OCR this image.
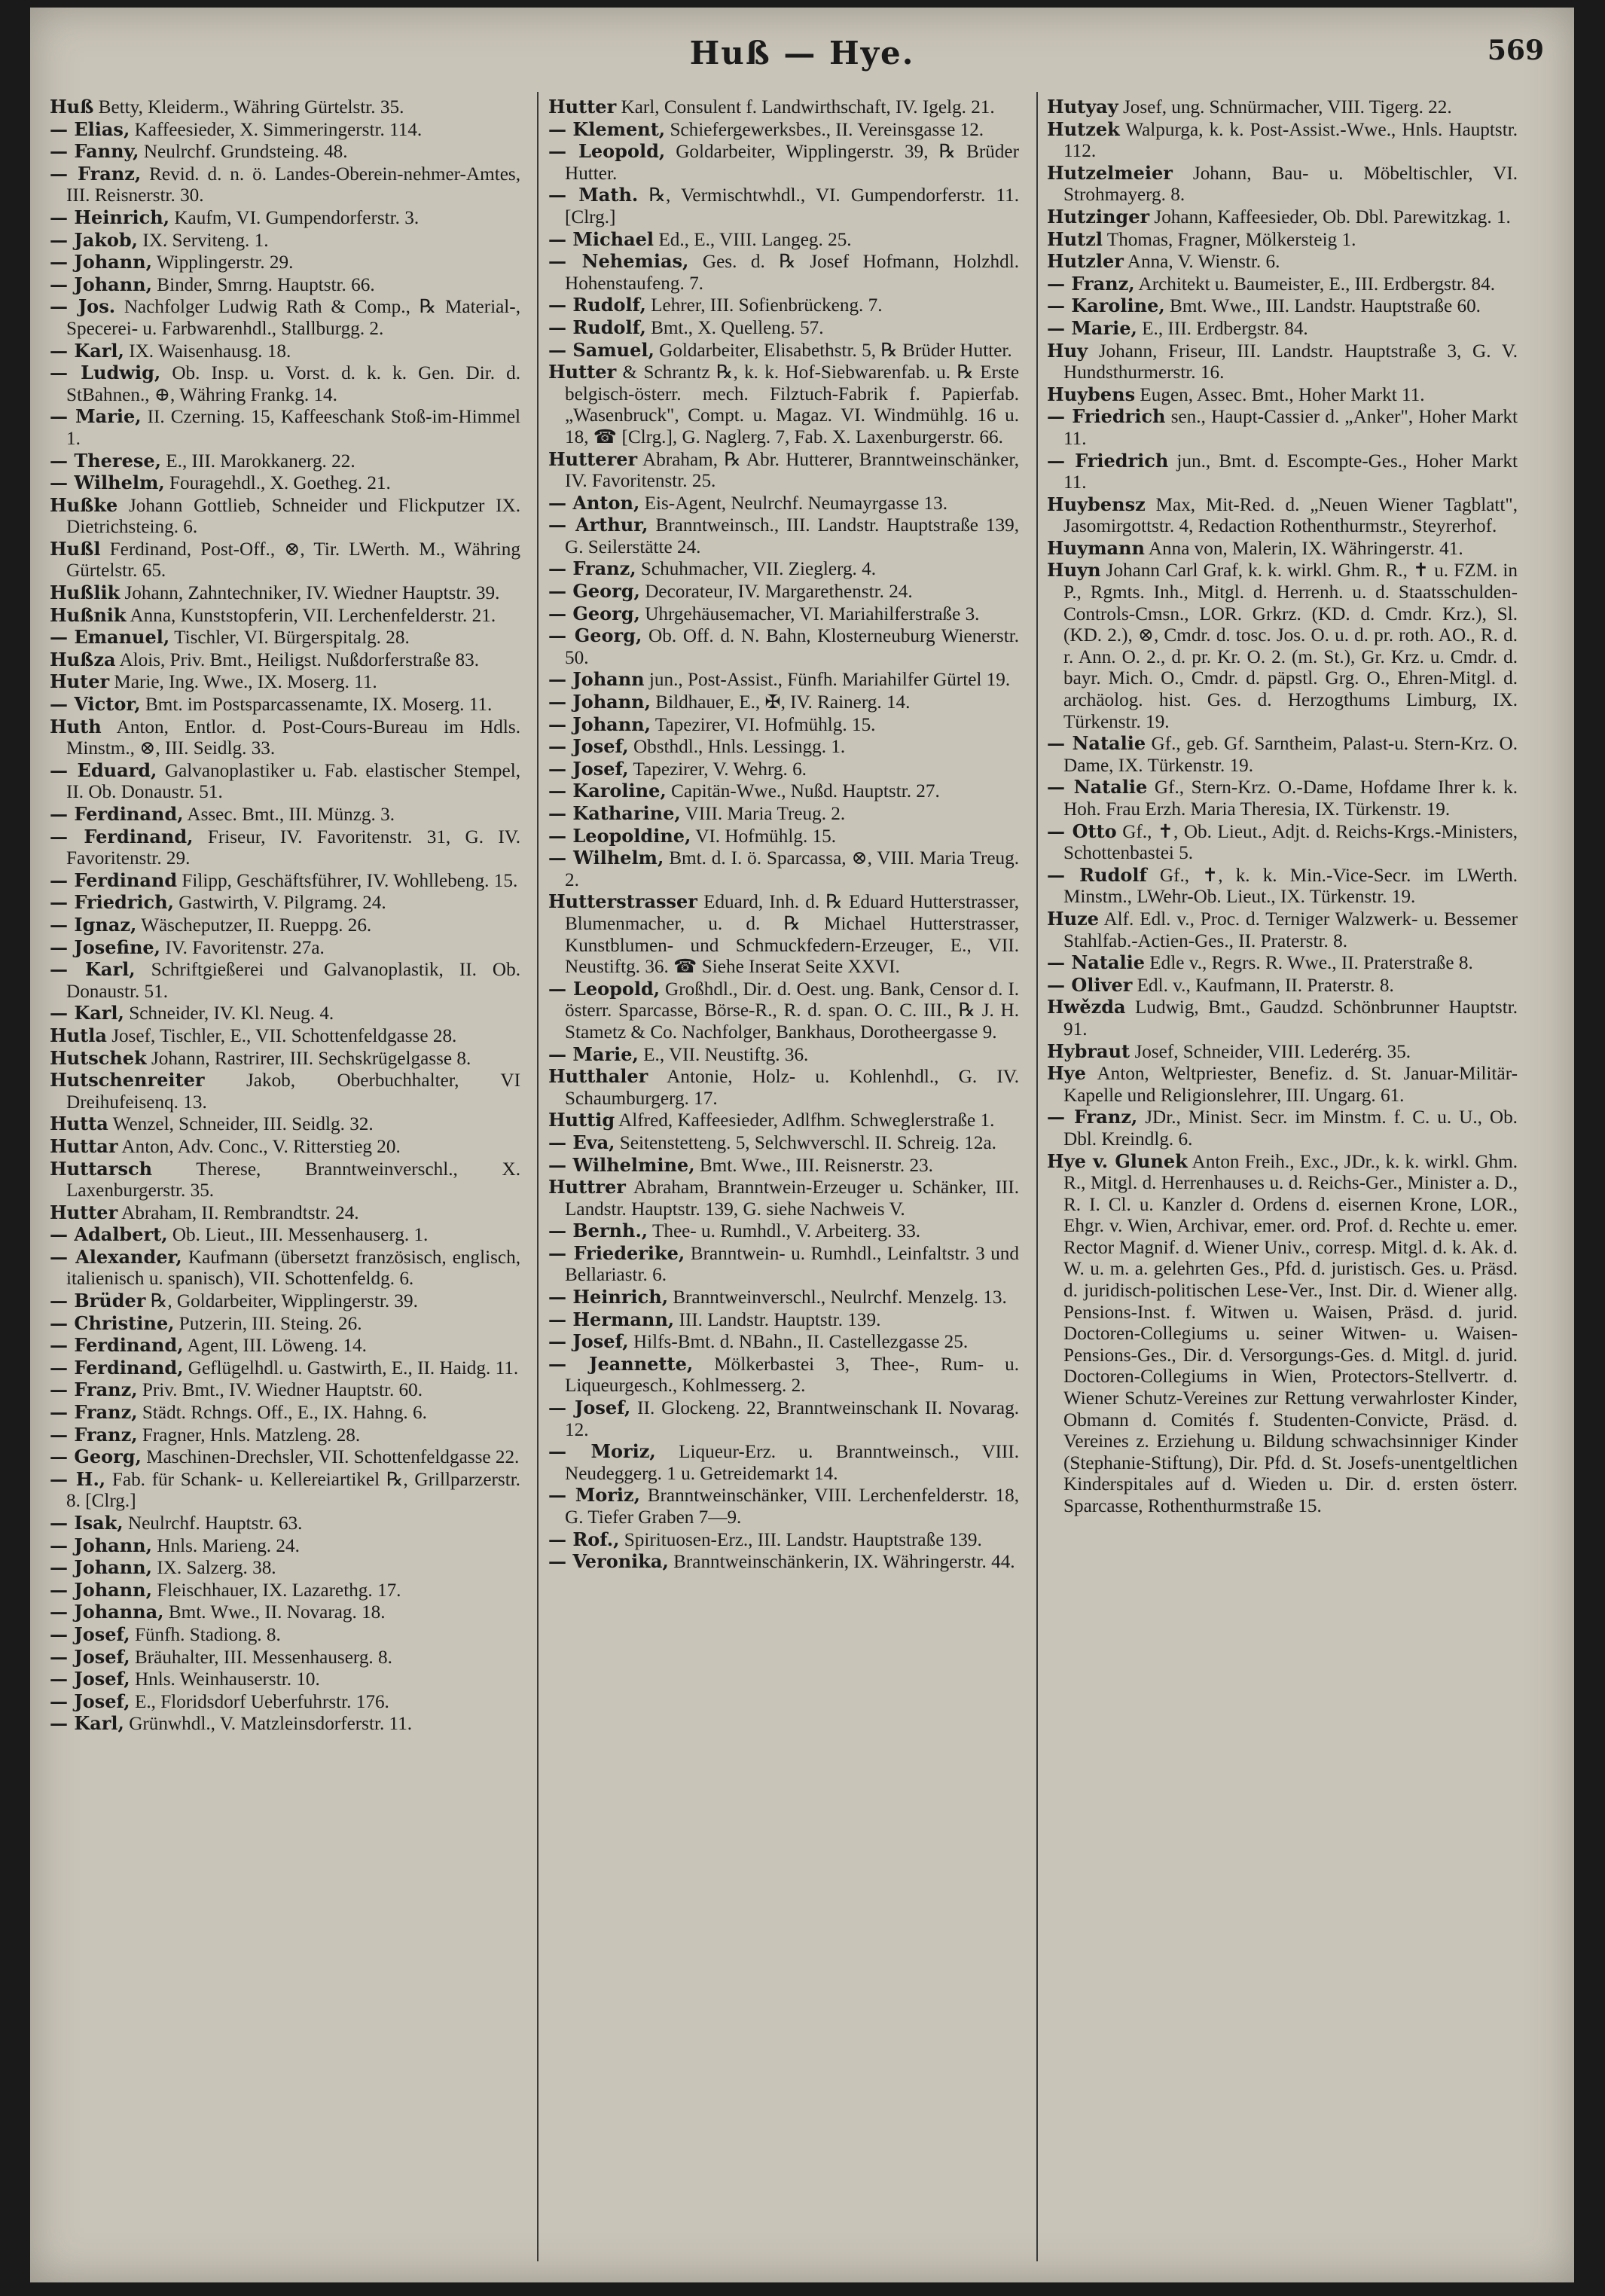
Huß — Hye.	569

Huß Betty, Kleiderm., Währing Gürtelstr. 35.

— Elias, Kaffeesieder, X. Simmeringerstr. 114.

— Fanny, Neulrchf. Grundsteing. 48.

— Franz, Revid. d. n. ö. Landes-Oberein-nehmer-Amtes, III. Reisnerstr. 30.

— Heinrich, Kaufm, VI. Gumpendorferstr. 3.

— Jakob, IX. Serviteng. 1.

— Johann, Wipplingerstr. 29.

— Johann, Binder, Smrng. Hauptstr. 66.

— Jos. Nachfolger Ludwig Rath & Comp., ℞ Material-, Specerei- u. Farbwarenhdl., Stallburgg. 2.

— Karl, IX. Waisenhausg. 18.

— Ludwig, Ob. Insp. u. Vorst. d. k. k. Gen. Dir. d. StBahnen., ⊕, Währing Frankg. 14.

— Marie, II. Czerning. 15, Kaffeeschank Stoß-im-Himmel 1.

— Therese, E., III. Marokkanerg. 22.

— Wilhelm, Fouragehdl., X. Goetheg. 21.

Hußke Johann Gottlieb, Schneider und Flickputzer IX. Dietrichsteing. 6.

Hußl Ferdinand, Post-Off., ⊗, Tir. LWerth. M., Währing Gürtelstr. 65.

Hußlik Johann, Zahntechniker, IV. Wiedner Hauptstr. 39.

Hußnik Anna, Kunststopferin, VII. Lerchenfelderstr. 21.

— Emanuel, Tischler, VI. Bürgerspitalg. 28.

Hußza Alois, Priv. Bmt., Heiligst. Nußdorferstraße 83.

Huter Marie, Ing. Wwe., IX. Moserg. 11.

— Victor, Bmt. im Postsparcassenamte, IX. Moserg. 11.

Huth Anton, Entlor. d. Post-Cours-Bureau im Hdls. Minstm., ⊗, III. Seidlg. 33.

— Eduard, Galvanoplastiker u. Fab. elastischer Stempel, II. Ob. Donaustr. 51.

— Ferdinand, Assec. Bmt., III. Münzg. 3.

— Ferdinand, Friseur, IV. Favoritenstr. 31, G. IV. Favoritenstr. 29.

— Ferdinand Filipp, Geschäftsführer, IV. Wohllebeng. 15.

— Friedrich, Gastwirth, V. Pilgramg. 24.

— Ignaz, Wäscheputzer, II. Rueppg. 26.

— Josefine, IV. Favoritenstr. 27a.

— Karl, Schriftgießerei und Galvanoplastik, II. Ob. Donaustr. 51.

— Karl, Schneider, IV. Kl. Neug. 4.

Hutla Josef, Tischler, E., VII. Schottenfeldgasse 28.

Hutschek Johann, Rastrirer, III. Sechskrügelgasse 8.

Hutschenreiter Jakob, Oberbuchhalter, VI Dreihufeisenq. 13.

Hutta Wenzel, Schneider, III. Seidlg. 32.

Huttar Anton, Adv. Conc., V. Ritterstieg 20.

Huttarsch Therese, Branntweinverschl., X. Laxenburgerstr. 35.

Hutter Abraham, II. Rembrandtstr. 24.

— Adalbert, Ob. Lieut., III. Messenhauserg. 1.

— Alexander, Kaufmann (übersetzt französisch, englisch, italienisch u. spanisch), VII. Schottenfeldg. 6.

— Brüder ℞, Goldarbeiter, Wipplingerstr. 39.

— Christine, Putzerin, III. Steing. 26.

— Ferdinand, Agent, III. Löweng. 14.

— Ferdinand, Geflügelhdl. u. Gastwirth, E., II. Haidg. 11.

— Franz, Priv. Bmt., IV. Wiedner Hauptstr. 60.

— Franz, Städt. Rchngs. Off., E., IX. Hahng. 6.

— Franz, Fragner, Hnls. Matzleng. 28.

— Georg, Maschinen-Drechsler, VII. Schottenfeldgasse 22.

— H., Fab. für Schank- u. Kellereiartikel ℞, Grillparzerstr. 8. [Clrg.]

— Isak, Neulrchf. Hauptstr. 63.

— Johann, Hnls. Marieng. 24.

— Johann, IX. Salzerg. 38.

— Johann, Fleischhauer, IX. Lazarethg. 17.

— Johanna, Bmt. Wwe., II. Novarag. 18.

— Josef, Fünfh. Stadiong. 8.

— Josef, Bräuhalter, III. Messenhauserg. 8.

— Josef, Hnls. Weinhauserstr. 10.

— Josef, E., Floridsdorf Ueberfuhrstr. 176.

— Karl, Grünwhdl., V. Matzleinsdorferstr. 11.

Hutter Karl, Consulent f. Landwirthschaft, IV. Igelg. 21.

— Klement, Schiefergewerksbes., II. Vereinsgasse 12.

— Leopold, Goldarbeiter, Wipplingerstr. 39, ℞ Brüder Hutter.

— Math. ℞, Vermischtwhdl., VI. Gumpendorferstr. 11. [Clrg.]

— Michael Ed., E., VIII. Langeg. 25.

— Nehemias, Ges. d. ℞ Josef Hofmann, Holzhdl. Hohenstaufeng. 7.

— Rudolf, Lehrer, III. Sofienbrückeng. 7.

— Rudolf, Bmt., X. Quelleng. 57.

— Samuel, Goldarbeiter, Elisabethstr. 5, ℞ Brüder Hutter.

Hutter & Schrantz ℞, k. k. Hof-Siebwarenfab. u. ℞ Erste belgisch-österr. mech. Filztuch-Fabrik f. Papierfab. „Wasenbruck", Compt. u. Magaz. VI. Windmühlg. 16 u. 18, ☎ [Clrg.], G. Naglerg. 7, Fab. X. Laxenburgerstr. 66.

Hutterer Abraham, ℞ Abr. Hutterer, Branntweinschänker, IV. Favoritenstr. 25.

— Anton, Eis-Agent, Neulrchf. Neumayrgasse 13.

— Arthur, Branntweinsch., III. Landstr. Hauptstraße 139, G. Seilerstätte 24.

— Franz, Schuhmacher, VII. Zieglerg. 4.

— Georg, Decorateur, IV. Margarethenstr. 24.

— Georg, Uhrgehäusemacher, VI. Mariahilferstraße 3.

— Georg, Ob. Off. d. N. Bahn, Klosterneuburg Wienerstr. 50.

— Johann jun., Post-Assist., Fünfh. Mariahilfer Gürtel 19.

— Johann, Bildhauer, E., ✠, IV. Rainerg. 14.

— Johann, Tapezirer, VI. Hofmühlg. 15.

— Josef, Obsthdl., Hnls. Lessingg. 1.

— Josef, Tapezirer, V. Wehrg. 6.

— Karoline, Capitän-Wwe., Nußd. Hauptstr. 27.

— Katharine, VIII. Maria Treug. 2.

— Leopoldine, VI. Hofmühlg. 15.

— Wilhelm, Bmt. d. I. ö. Sparcassa, ⊗, VIII. Maria Treug. 2.

Hutterstrasser Eduard, Inh. d. ℞ Eduard Hutterstrasser, Blumenmacher, u. d. ℞ Michael Hutterstrasser, Kunstblumen- und Schmuckfedern-Erzeuger, E., VII. Neustiftg. 36. ☎ Siehe Inserat Seite XXVI.

— Leopold, Großhdl., Dir. d. Oest. ung. Bank, Censor d. I. österr. Sparcasse, Börse-R., R. d. span. O. C. III., ℞ J. H. Stametz & Co. Nachfolger, Bankhaus, Dorotheergasse 9.

— Marie, E., VII. Neustiftg. 36.

Hutthaler Antonie, Holz- u. Kohlenhdl., G. IV. Schaumburgerg. 17.

Huttig Alfred, Kaffeesieder, Adlfhm. Schweglerstraße 1.

— Eva, Seitenstetteng. 5, Selchwverschl. II. Schreig. 12a.

— Wilhelmine, Bmt. Wwe., III. Reisnerstr. 23.

Huttrer Abraham, Branntwein-Erzeuger u. Schänker, III. Landstr. Hauptstr. 139, G. siehe Nachweis V.

— Bernh., Thee- u. Rumhdl., V. Arbeiterg. 33.

— Friederike, Branntwein- u. Rumhdl., Leinfaltstr. 3 und Bellariastr. 6.

— Heinrich, Branntweinverschl., Neulrchf. Menzelg. 13.

— Hermann, III. Landstr. Hauptstr. 139.

— Josef, Hilfs-Bmt. d. NBahn., II. Castellezgasse 25.

— Jeannette, Mölkerbastei 3, Thee-, Rum- u. Liqueurgesch., Kohlmesserg. 2.

— Josef, II. Glockeng. 22, Branntweinschank II. Novarag. 12.

— Moriz, Liqueur-Erz. u. Branntweinsch., VIII. Neudeggerg. 1 u. Getreidemarkt 14.

— Moriz, Branntweinschänker, VIII. Lerchenfelderstr. 18, G. Tiefer Graben 7—9.

— Rof., Spirituosen-Erz., III. Landstr. Hauptstraße 139.

— Veronika, Branntweinschänkerin, IX. Währingerstr. 44.

Hutyay Josef, ung. Schnürmacher, VIII. Tigerg. 22.

Hutzek Walpurga, k. k. Post-Assist.-Wwe., Hnls. Hauptstr. 112.

Hutzelmeier Johann, Bau- u. Möbeltischler, VI. Strohmayerg. 8.

Hutzinger Johann, Kaffeesieder, Ob. Dbl. Parewitzkag. 1.

Hutzl Thomas, Fragner, Mölkersteig 1.

Hutzler Anna, V. Wienstr. 6.

— Franz, Architekt u. Baumeister, E., III. Erdbergstr. 84.

— Karoline, Bmt. Wwe., III. Landstr. Hauptstraße 60.

— Marie, E., III. Erdbergstr. 84.

Huy Johann, Friseur, III. Landstr. Hauptstraße 3, G. V. Hundsthurmerstr. 16.

Huybens Eugen, Assec. Bmt., Hoher Markt 11.

— Friedrich sen., Haupt-Cassier d. „Anker", Hoher Markt 11.

— Friedrich jun., Bmt. d. Escompte-Ges., Hoher Markt 11.

Huybensz Max, Mit-Red. d. „Neuen Wiener Tagblatt", Jasomirgottstr. 4, Redaction Rothenthurmstr., Steyrerhof.

Huymann Anna von, Malerin, IX. Währingerstr. 41.

Huyn Johann Carl Graf, k. k. wirkl. Ghm. R., ✝ u. FZM. in P., Rgmts. Inh., Mitgl. d. Herrenh. u. d. Staatsschulden-Controls-Cmsn., LOR. Grkrz. (KD. d. Cmdr. Krz.), Sl. (KD. 2.), ⊗, Cmdr. d. tosc. Jos. O. u. d. pr. roth. AO., R. d. r. Ann. O. 2., d. pr. Kr. O. 2. (m. St.), Gr. Krz. u. Cmdr. d. bayr. Mich. O., Cmdr. d. päpstl. Grg. O., Ehren-Mitgl. d. archäolog. hist. Ges. d. Herzogthums Limburg, IX. Türkenstr. 19.

— Natalie Gf., geb. Gf. Sarntheim, Palast-u. Stern-Krz. O. Dame, IX. Türkenstr. 19.

— Natalie Gf., Stern-Krz. O.-Dame, Hofdame Ihrer k. k. Hoh. Frau Erzh. Maria Theresia, IX. Türkenstr. 19.

— Otto Gf., ✝, Ob. Lieut., Adjt. d. Reichs-Krgs.-Ministers, Schottenbastei 5.

— Rudolf Gf., ✝, k. k. Min.-Vice-Secr. im LWerth. Minstm., LWehr-Ob. Lieut., IX. Türkenstr. 19.

Huze Alf. Edl. v., Proc. d. Terniger Walzwerk- u. Bessemer Stahlfab.-Actien-Ges., II. Praterstr. 8.

— Natalie Edle v., Regrs. R. Wwe., II. Praterstraße 8.

— Oliver Edl. v., Kaufmann, II. Praterstr. 8.

Hwězda Ludwig, Bmt., Gaudzd. Schönbrunner Hauptstr. 91.

Hybraut Josef, Schneider, VIII. Lederérg. 35.

Hye Anton, Weltpriester, Benefiz. d. St. Januar-Militär-Kapelle und Religionslehrer, III. Ungarg. 61.

— Franz, JDr., Minist. Secr. im Minstm. f. C. u. U., Ob. Dbl. Kreindlg. 6.

Hye v. Glunek Anton Freih., Exc., JDr., k. k. wirkl. Ghm. R., Mitgl. d. Herrenhauses u. d. Reichs-Ger., Minister a. D., R. I. Cl. u. Kanzler d. Ordens d. eisernen Krone, LOR., Ehgr. v. Wien, Archivar, emer. ord. Prof. d. Rechte u. emer. Rector Magnif. d. Wiener Univ., corresp. Mitgl. d. k. Ak. d. W. u. m. a. gelehrten Ges., Pfd. d. juristisch. Ges. u. Präsd. d. juridisch-politischen Lese-Ver., Inst. Dir. d. Wiener allg. Pensions-Inst. f. Witwen u. Waisen, Präsd. d. jurid. Doctoren-Collegiums u. seiner Witwen- u. Waisen-Pensions-Ges., Dir. d. Versorgungs-Ges. d. Mitgl. d. jurid. Doctoren-Collegiums in Wien, Protectors-Stellvertr. d. Wiener Schutz-Vereines zur Rettung verwahrloster Kinder, Obmann d. Comités f. Studenten-Convicte, Präsd. d. Vereines z. Erziehung u. Bildung schwachsinniger Kinder (Stephanie-Stiftung), Dir. Pfd. d. St. Josefs-unentgeltlichen Kinderspitales auf d. Wieden u. Dir. d. ersten österr. Sparcasse, Rothenthurmstraße 15.
